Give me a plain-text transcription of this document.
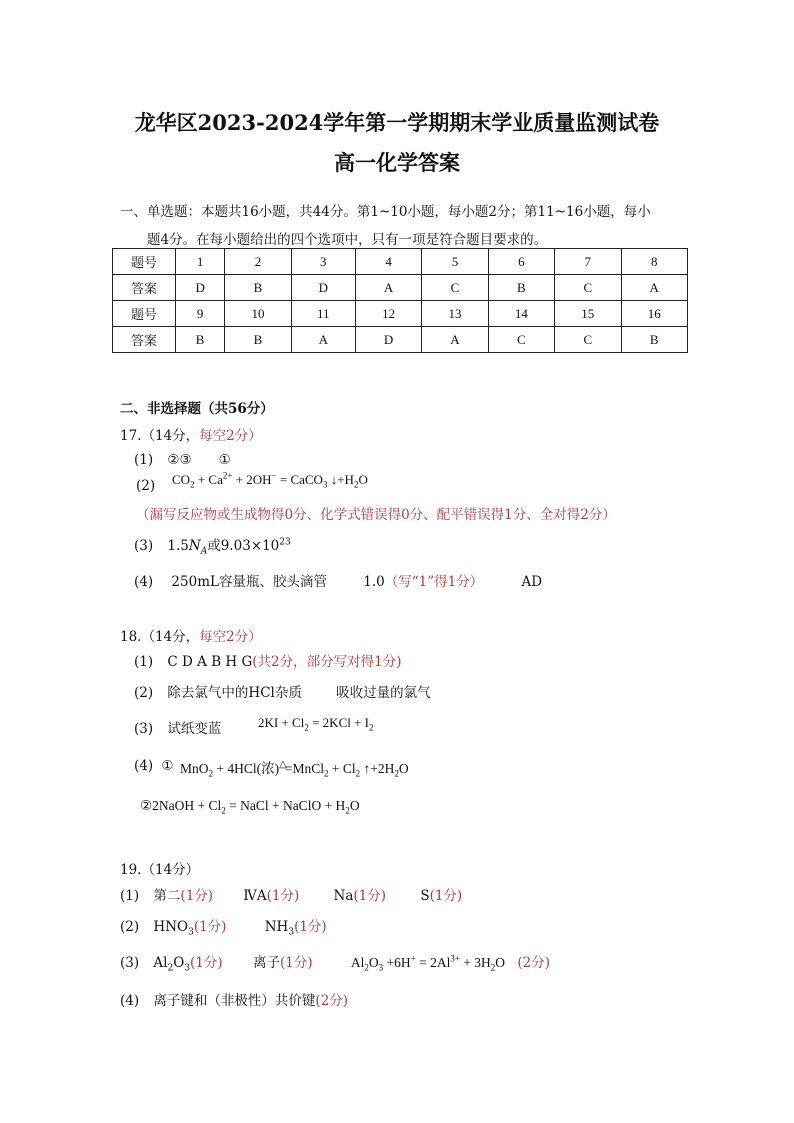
龙华区2023-2024学年第一学期期末学业质量监测试卷
高一化学答案
一、单选题：本题共16小题，共44分。第1~10小题，每小题2分；第11~16小题，每小
题4分。在每小题给出的四个选项中，只有一项是符合题目要求的。
题号	1	2	3	4	5	6	7	8
答案	D	B	D	A	C	B	C	A
题号	9	10	11	12	13	14	15	16
答案	B	B	A	D	A	C	C	B
二、非选择题（共56分）
17.（14分，每空2分）
(1) ②③　　①
(2) $CO_2 + Ca^{2+} + 2OH^-$ = CaCO$_3$ $↓+H_2O$
（漏写反应物或生成物得0分、化学式错误得0分、配平错误得1分、全对得2分）
(3) $1.5N_A$或$9.03\times 10^{23}$
(4) 250mL容量瓶、胶头滴管	1.0（写“1”得1分）	AD
18.（14分，每空2分）
(1) C D A B H G(共2分，部分写对得1分)
(2) 除去氯气中的HCl杂质	吸收过量的氯气
(3) 试纸变蓝	$2KI + Cl_2 = 2KCl + I_2$
(4) ① MnO$_2$ + 4HCl(浓)△=MnCl$_2$ + $Cl_2$ $↑+2H_2O$
②2NaOH + $Cl_2$ = NaCl + NaClO + $H_2O$
19.（14分）
(1) 第二(1分) ⅣA(1分)	Na(1分)	S(1分)
(2) $HNO_3(1$分)	$NH_3(1$分)
(3) $Al_2O_3(1$分) 离子(1分)	$Al_2O_3 +6H^+ = 2Al^{3+} + 3H_2O$ (2分)
(4) 离子键和（非极性）共价键(2分)
